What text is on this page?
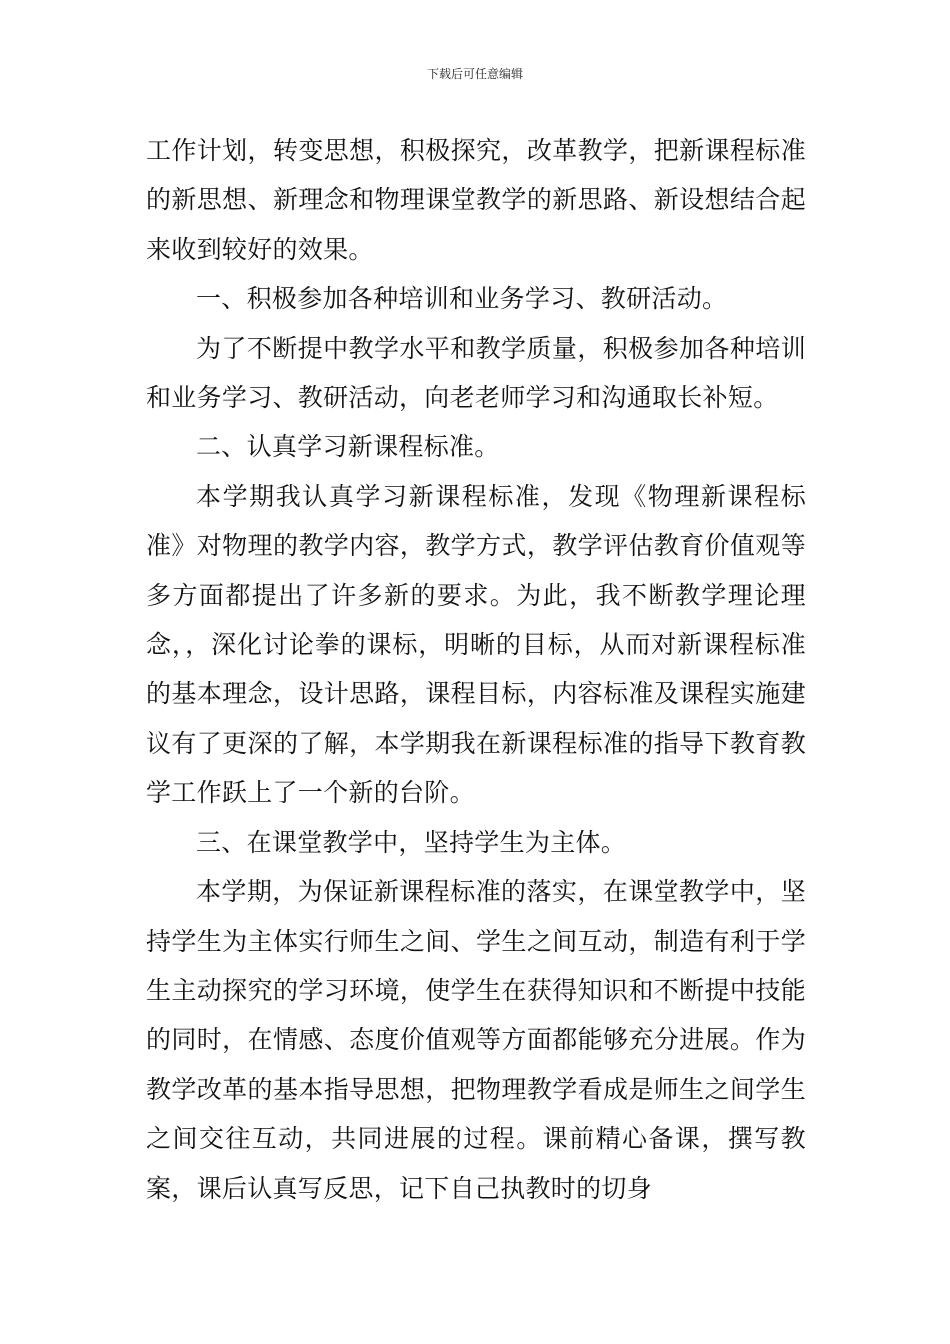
下载后可任意编辑

工作计划，转变思想，积极探究，改革教学，把新课程标准的新思想、新理念和物理课堂教学的新思路、新设想结合起来收到较好的效果。

一、积极参加各种培训和业务学习、教研活动。

为了不断提中教学水平和教学质量，积极参加各种培训和业务学习、教研活动，向老老师学习和沟通取长补短。

二、认真学习新课程标准。

本学期我认真学习新课程标准，发现《物理新课程标准》对物理的教学内容，教学方式，教学评估教育价值观等多方面都提出了许多新的要求。为此，我不断教学理论理念，，深化讨论拳的课标，明晰的目标，从而对新课程标准的基本理念，设计思路，课程目标，内容标准及课程实施建议有了更深的了解，本学期我在新课程标准的指导下教育教学工作跃上了一个新的台阶。

三、在课堂教学中，坚持学生为主体。

本学期，为保证新课程标准的落实，在课堂教学中，坚持学生为主体实行师生之间、学生之间互动，制造有利于学生主动探究的学习环境，使学生在获得知识和不断提中技能的同时，在情感、态度价值观等方面都能够充分进展。作为教学改革的基本指导思想，把物理教学看成是师生之间学生之间交往互动，共同进展的过程。课前精心备课，撰写教案，课后认真写反思，记下自己执教时的切身
